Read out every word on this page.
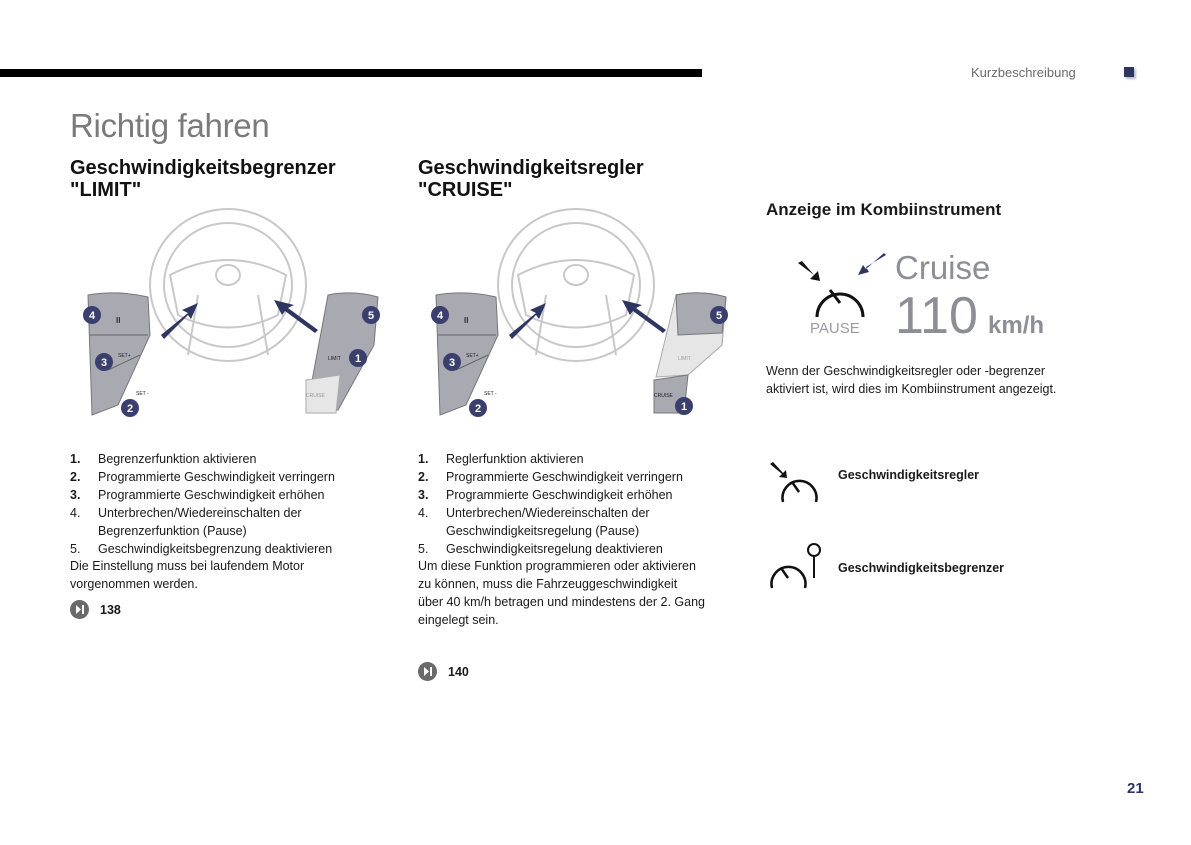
Kurzbeschreibung
Richtig fahren
Geschwindigkeitsbegrenzer
"LIMIT"
Geschwindigkeitsregler
"CRUISE"
Anzeige im Kombiinstrument
II
SET+
SET -
LIMIT
CRUISE
4
3
2
1
5	II
SET+
SET -
LIMIT
CRUISE
4
3
2	1
5
1.	Begrenzerfunktion aktivieren
2.	Programmierte Geschwindigkeit verringern
3.	Programmierte Geschwindigkeit erhöhen
4.	Unterbrechen/Wiedereinschalten der
Begrenzerfunktion (Pause)
5.	Geschwindigkeitsbegrenzung deaktivieren
Die Einstellung muss bei laufendem Motor
vorgenommen werden.
138
1.	Reglerfunktion aktivieren
2.	Programmierte Geschwindigkeit verringern
3.	Programmierte Geschwindigkeit erhöhen
4.	Unterbrechen/Wiedereinschalten der
Geschwindigkeitsregelung (Pause)
5.	Geschwindigkeitsregelung deaktivieren
Um diese Funktion programmieren oder aktivieren
zu können, muss die Fahrzeuggeschwindigkeit
über 40 km/h betragen und mindestens der 2. Gang
eingelegt sein.
140
PAUSE
Cruise
110 km/h
Wenn der Geschwindigkeitsregler oder -begrenzer
aktiviert ist, wird dies im Kombiinstrument angezeigt.
Geschwindigkeitsregler
Geschwindigkeitsbegrenzer
21
